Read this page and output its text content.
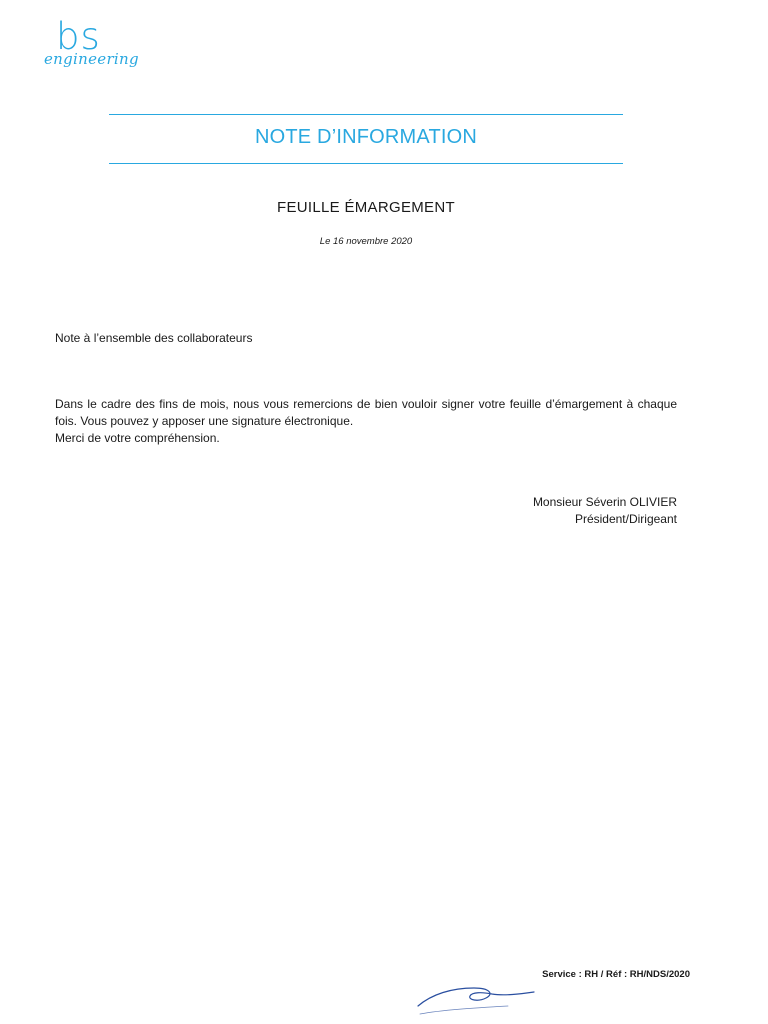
bs
engineering
NOTE D’INFORMATION
FEUILLE ÉMARGEMENT
Le 16 novembre 2020
Note à l’ensemble des collaborateurs

Dans le cadre des fins de mois, nous vous remercions de bien vouloir signer votre feuille d’émargement à chaque fois. Vous pouvez y apposer une signature électronique.

Merci de votre compréhension.

Monsieur Séverin OLIVIER
Président/Dirigeant
Service : RH / Réf : RH/NDS/2020
